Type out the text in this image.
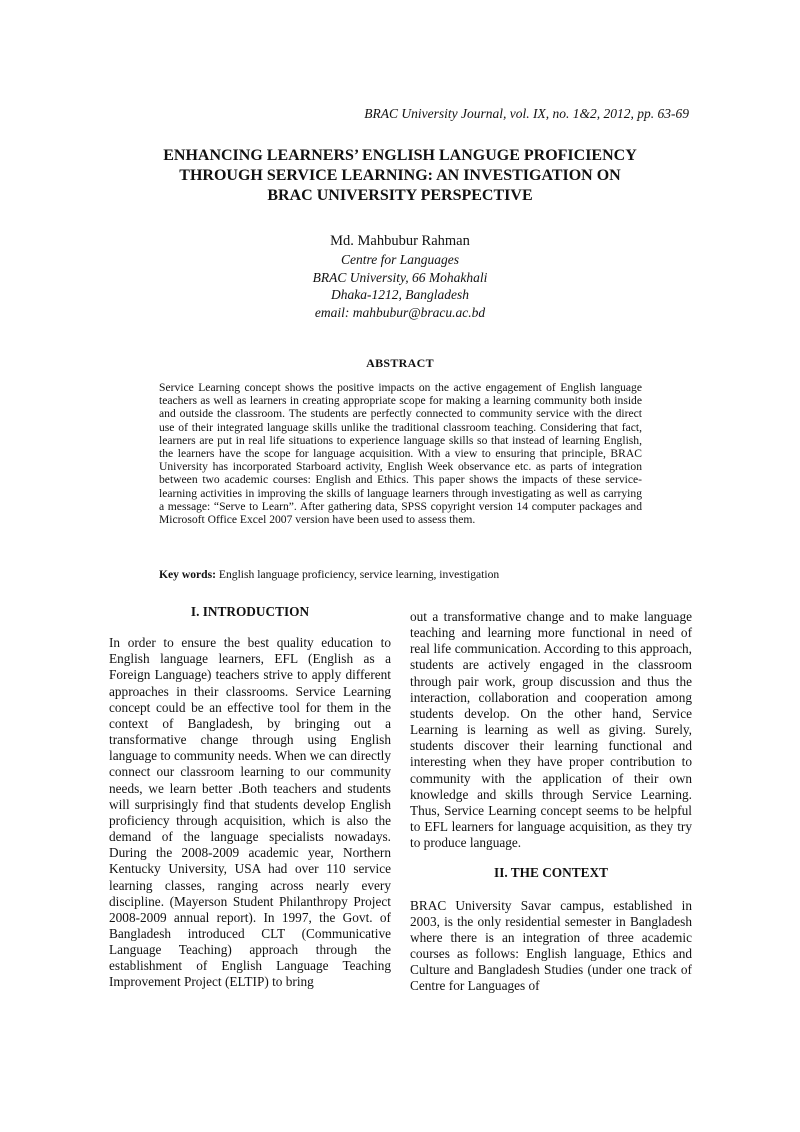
BRAC University Journal, vol. IX, no. 1&2, 2012, pp. 63-69

ENHANCING LEARNERS’ ENGLISH LANGUGE PROFICIENCY
THROUGH SERVICE LEARNING: AN INVESTIGATION ON
BRAC UNIVERSITY PERSPECTIVE
Md. Mahbubur Rahman
Centre for Languages
BRAC University, 66 Mohakhali
Dhaka-1212, Bangladesh
email: mahbubur@bracu.ac.bd
ABSTRACT

Service Learning concept shows the positive impacts on the active engagement of English language teachers as well as learners in creating appropriate scope for making a learning community both inside and outside the classroom. The students are perfectly connected to community service with the direct use of their integrated language skills unlike the traditional classroom teaching. Considering that fact, learners are put in real life situations to experience language skills so that instead of learning English, the learners have the scope for language acquisition. With a view to ensuring that principle, BRAC University has incorporated Starboard activity, English Week observance etc. as parts of integration between two academic courses: English and Ethics. This paper shows the impacts of these service-learning activities in improving the skills of language learners through investigating as well as carrying a message: “Serve to Learn”. After gathering data, SPSS copyright version 14 computer packages and Microsoft Office Excel 2007 version have been used to assess them.

Key words: English language proficiency, service learning, investigation

I. INTRODUCTION

In order to ensure the best quality education to English language learners, EFL (English as a Foreign Language) teachers strive to apply different approaches in their classrooms. Service Learning concept could be an effective tool for them in the context of Bangladesh, by bringing out a transformative change through using English language to community needs. When we can directly connect our classroom learning to our community needs, we learn better .Both teachers and students will surprisingly find that students develop English proficiency through acquisition, which is also the demand of the language specialists nowadays. During the 2008-2009 academic year, Northern Kentucky University, USA had over 110 service learning classes, ranging across nearly every discipline. (Mayerson Student Philanthropy Project 2008-2009 annual report). In 1997, the Govt. of Bangladesh introduced CLT (Communicative Language Teaching) approach through the establishment of English Language Teaching Improvement Project (ELTIP) to bring

out a transformative change and to make language teaching and learning more functional in need of real life communication. According to this approach, students are actively engaged in the classroom through pair work, group discussion and thus the interaction, collaboration and cooperation among students develop. On the other hand, Service Learning is learning as well as giving. Surely, students discover their learning functional and interesting when they have proper contribution to community with the application of their own knowledge and skills through Service Learning. Thus, Service Learning concept seems to be helpful to EFL learners for language acquisition, as they try to produce language.

II. THE CONTEXT

BRAC University Savar campus, established in 2003, is the only residential semester in Bangladesh where there is an integration of three academic courses as follows: English language, Ethics and Culture and Bangladesh Studies (under one track of Centre for Languages of
